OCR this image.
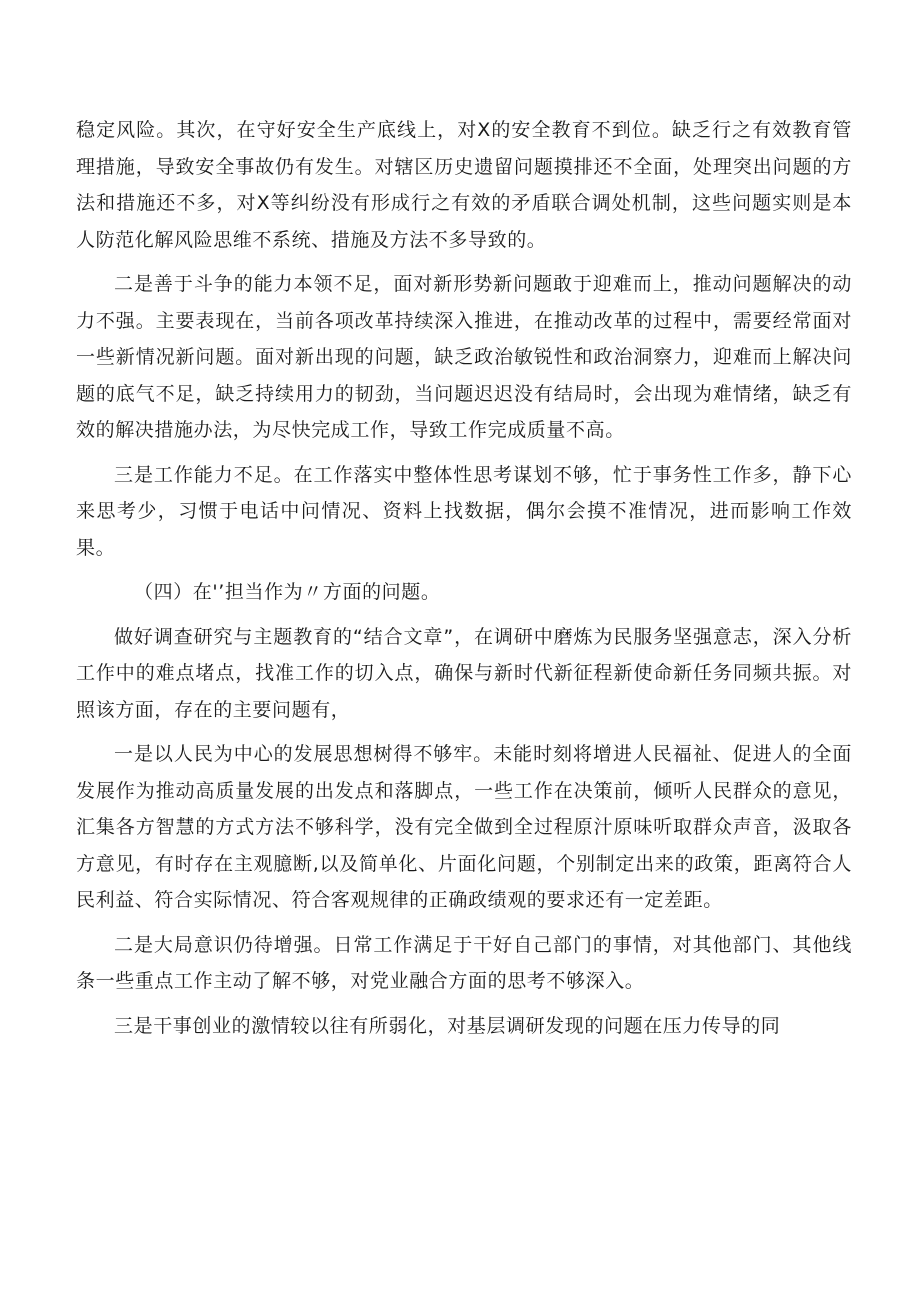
稳定风险。其次，在守好安全生产底线上，对X的安全教育不到位。缺乏行之有效教育管理措施，导致安全事故仍有发生。对辖区历史遗留问题摸排还不全面，处理突出问题的方法和措施还不多，对X等纠纷没有形成行之有效的矛盾联合调处机制，这些问题实则是本人防范化解风险思维不系统、措施及方法不多导致的。

二是善于斗争的能力本领不足，面对新形势新问题敢于迎难而上，推动问题解决的动力不强。主要表现在，当前各项改革持续深入推进，在推动改革的过程中，需要经常面对一些新情况新问题。面对新出现的问题，缺乏政治敏锐性和政治洞察力，迎难而上解决问题的底气不足，缺乏持续用力的韧劲，当问题迟迟没有结局时，会出现为难情绪，缺乏有效的解决措施办法，为尽快完成工作，导致工作完成质量不高。

三是工作能力不足。在工作落实中整体性思考谋划不够，忙于事务性工作多，静下心来思考少，习惯于电话中问情况、资料上找数据，偶尔会摸不准情况，进而影响工作效果。

（四）在'’担当作为〃方面的问题。

做好调查研究与主题教育的“结合文章”，在调研中磨炼为民服务坚强意志，深入分析工作中的难点堵点，找准工作的切入点，确保与新时代新征程新使命新任务同频共振。对照该方面，存在的主要问题有，

一是以人民为中心的发展思想树得不够牢。未能时刻将增进人民福祉、促进人的全面发展作为推动高质量发展的出发点和落脚点，一些工作在决策前，倾听人民群众的意见，汇集各方智慧的方式方法不够科学，没有完全做到全过程原汁原味听取群众声音，汲取各方意见，有时存在主观臆断,以及简单化、片面化问题，个别制定出来的政策，距离符合人民利益、符合实际情况、符合客观规律的正确政绩观的要求还有一定差距。

二是大局意识仍待增强。日常工作满足于干好自己部门的事情，对其他部门、其他线条一些重点工作主动了解不够，对党业融合方面的思考不够深入。

三是干事创业的激情较以往有所弱化，对基层调研发现的问题在压力传导的同
